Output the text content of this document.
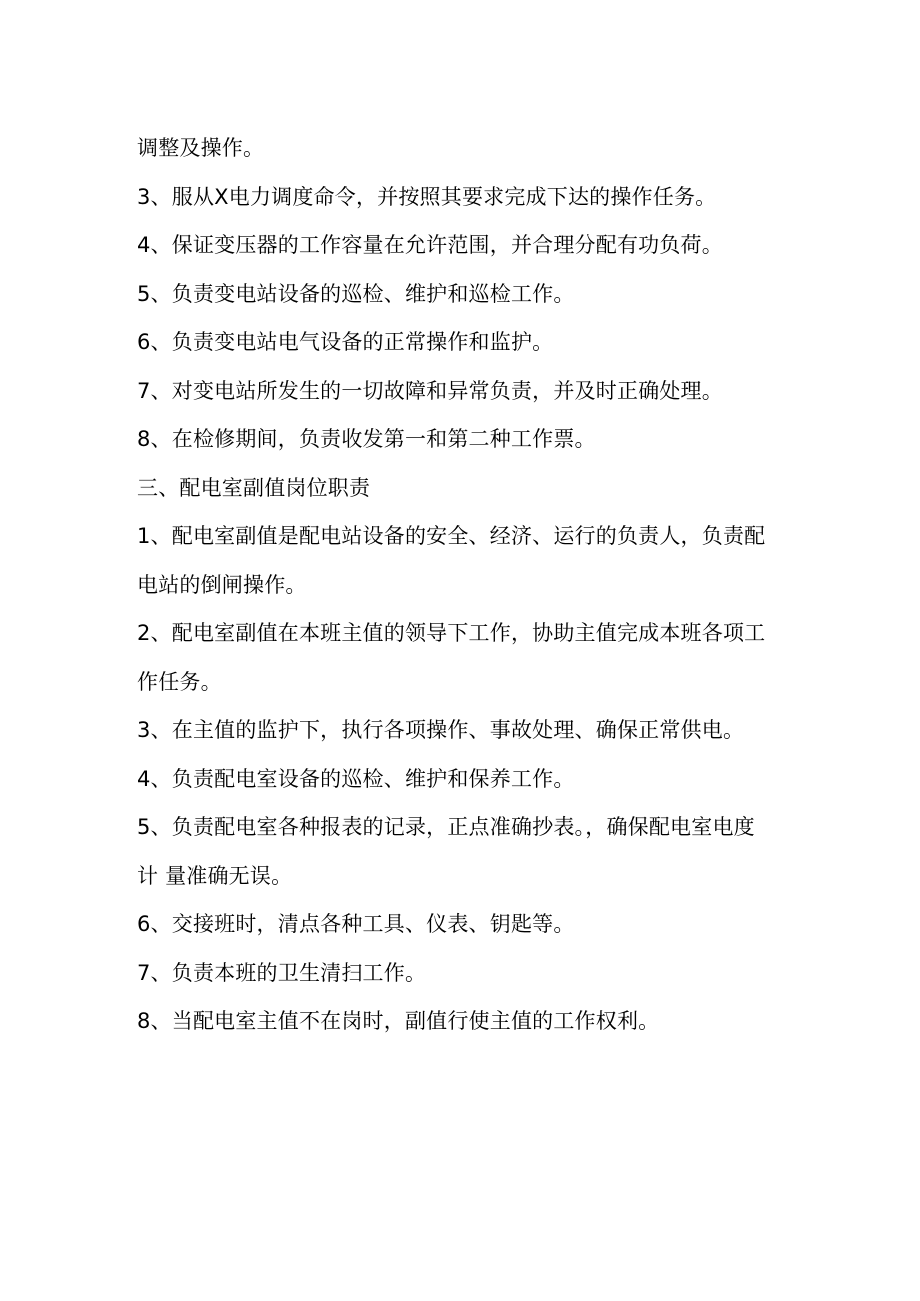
调整及操作。
3、服从X电力调度命令，并按照其要求完成下达的操作任务。
4、保证变压器的工作容量在允许范围，并合理分配有功负荷。
5、负责变电站设备的巡检、维护和巡检工作。
6、负责变电站电气设备的正常操作和监护。
7、对变电站所发生的一切故障和异常负责，并及时正确处理。
8、在检修期间，负责收发第一和第二种工作票。
三、配电室副值岗位职责
1、配电室副值是配电站设备的安全、经济、运行的负责人，负责配
电站的倒闸操作。
2、配电室副值在本班主值的领导下工作，协助主值完成本班各项工
作任务。
3、在主值的监护下，执行各项操作、事故处理、确保正常供电。
4、负责配电室设备的巡检、维护和保养工作。
5、负责配电室各种报表的记录，正点准确抄表。，确保配电室电度
计 量准确无误。
6、交接班时，清点各种工具、仪表、钥匙等。
7、负责本班的卫生清扫工作。
8、当配电室主值不在岗时，副值行使主值的工作权利。
